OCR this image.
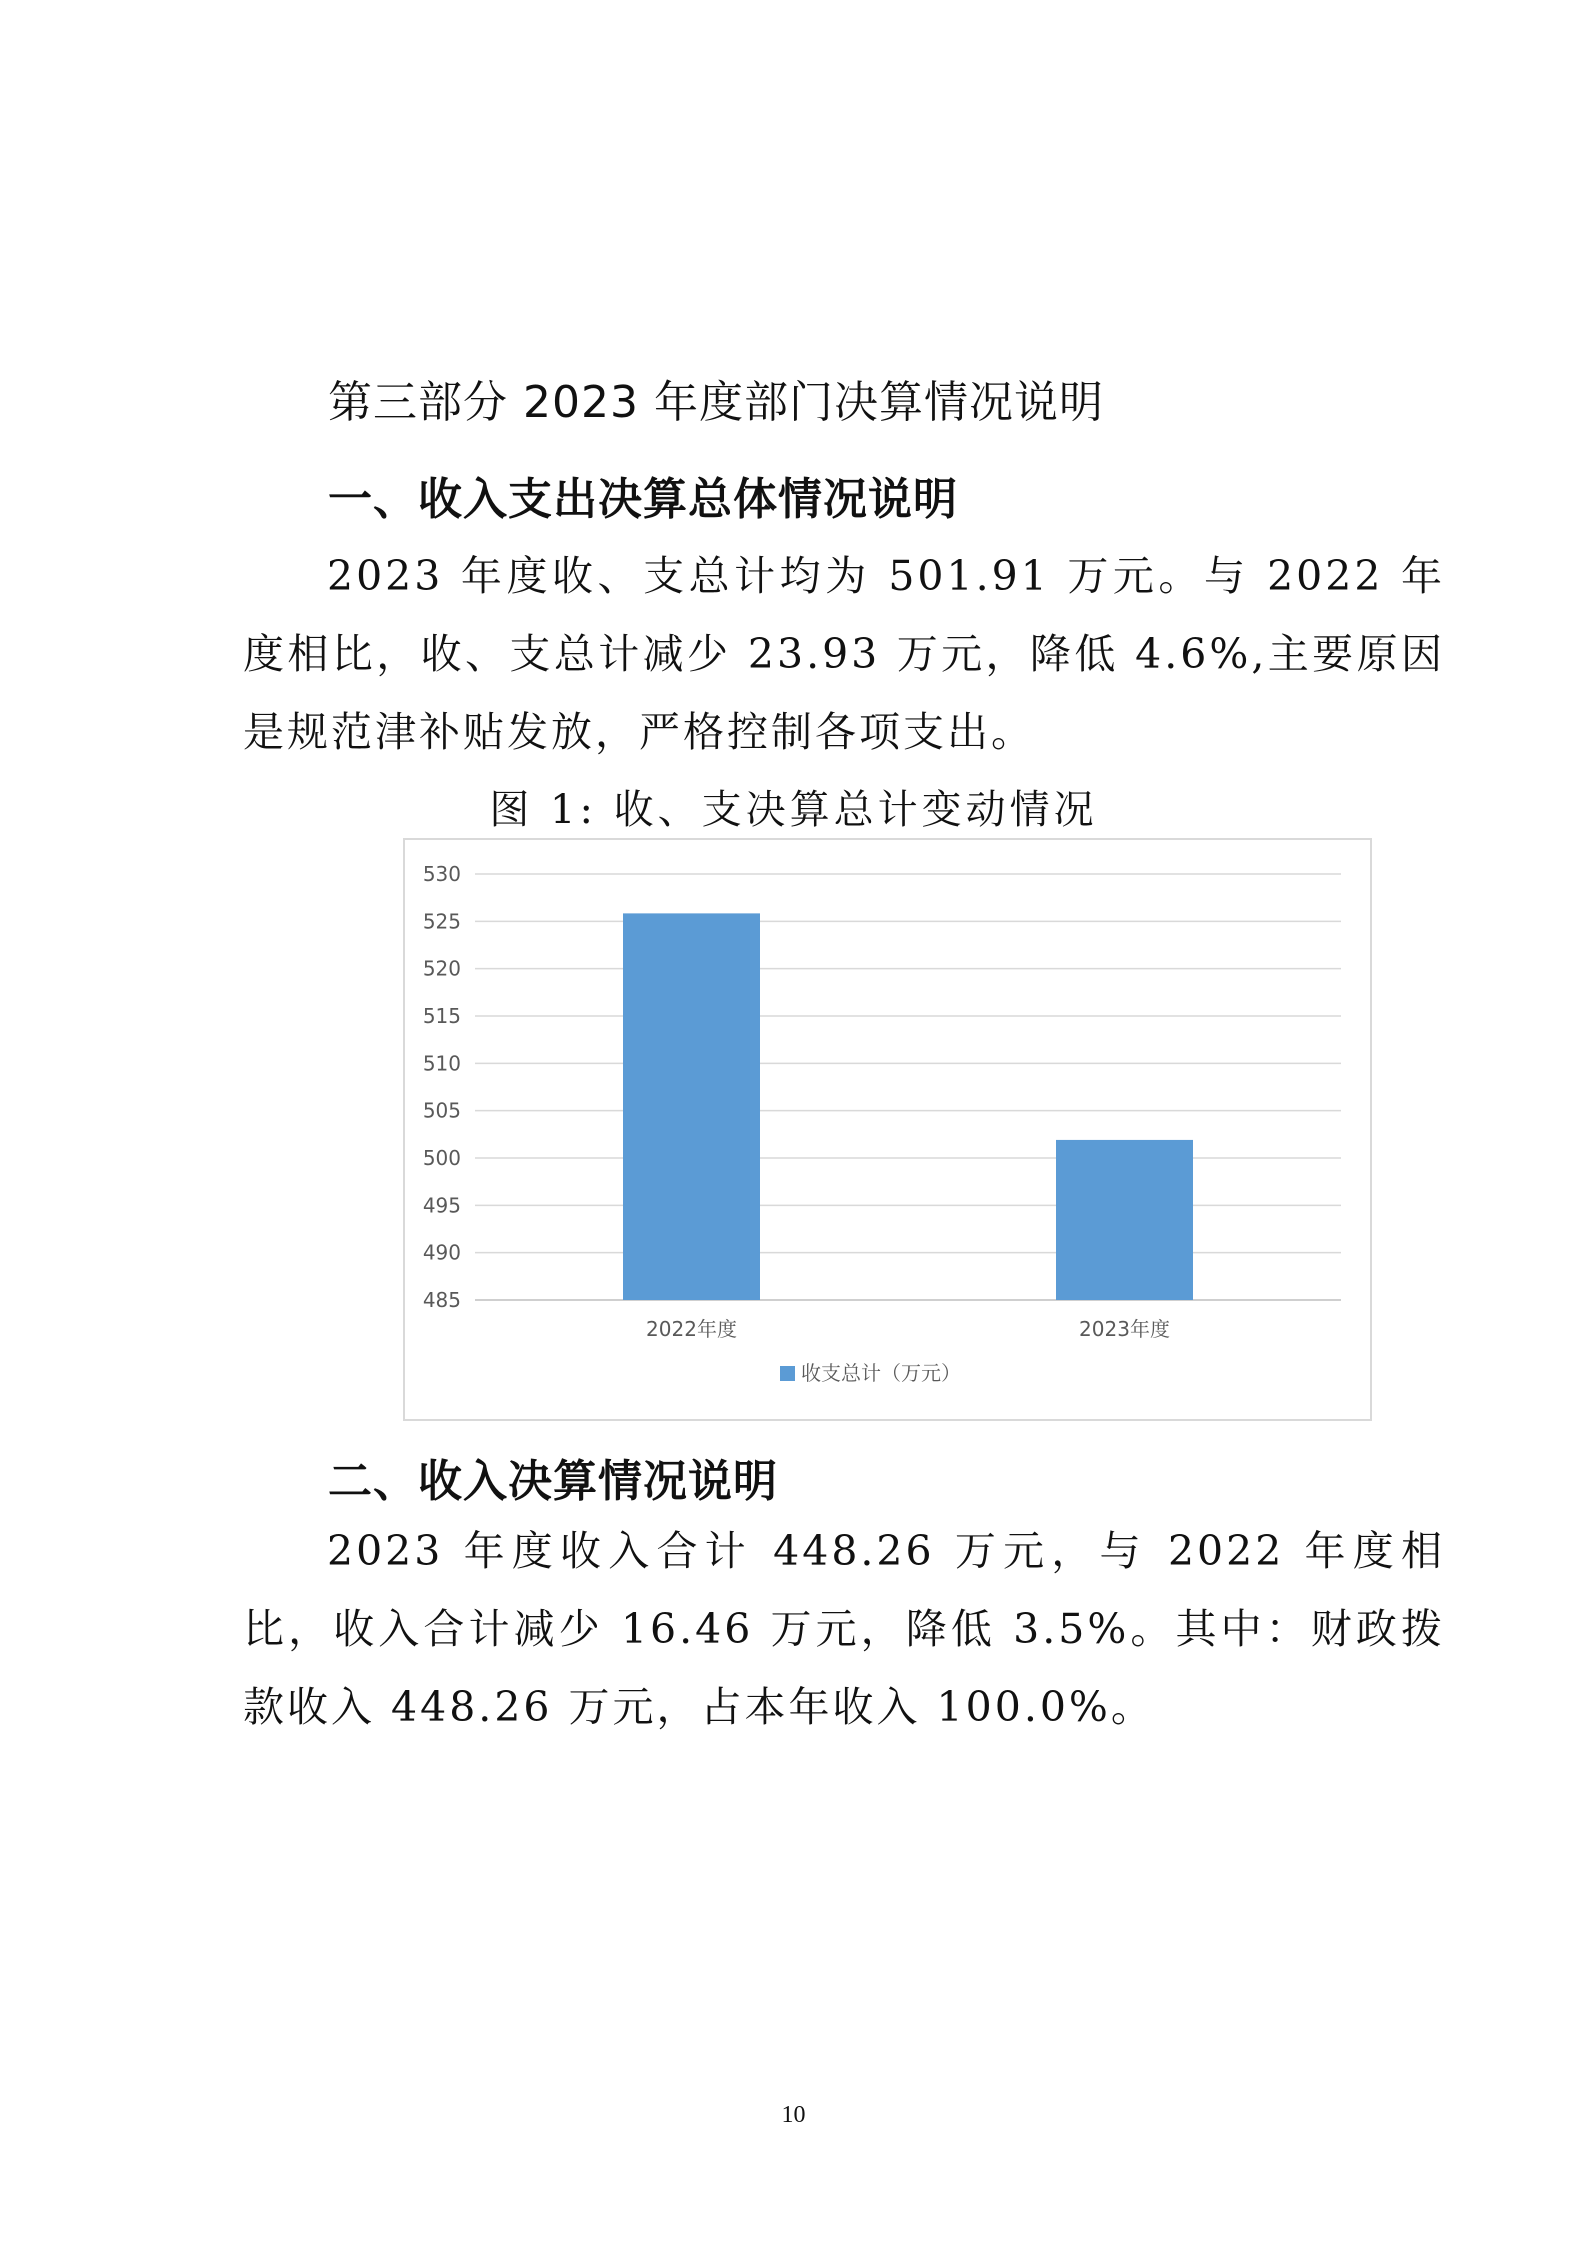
第三部分 2023 年度部门决算情况说明
一、收入支出决算总体情况说明

2023 年度收、支总计均为 501.91 万元。与 2022 年度相比，收、支总计减少 23.93 万元，降低 4.6%,主要原因是规范津补贴发放，严格控制各项支出。

图 1: 收、支决算总计变动情况
485
490
495
500
505
510
515
520
525
530
2022年度	2023年度
收支总计（万元）
二、收入决算情况说明

2023 年度收入合计 448.26 万元，与 2022 年度相比，收入合计减少 16.46 万元，降低 3.5%。其中：财政拨款收入 448.26 万元，占本年收入 100.0%。

10
